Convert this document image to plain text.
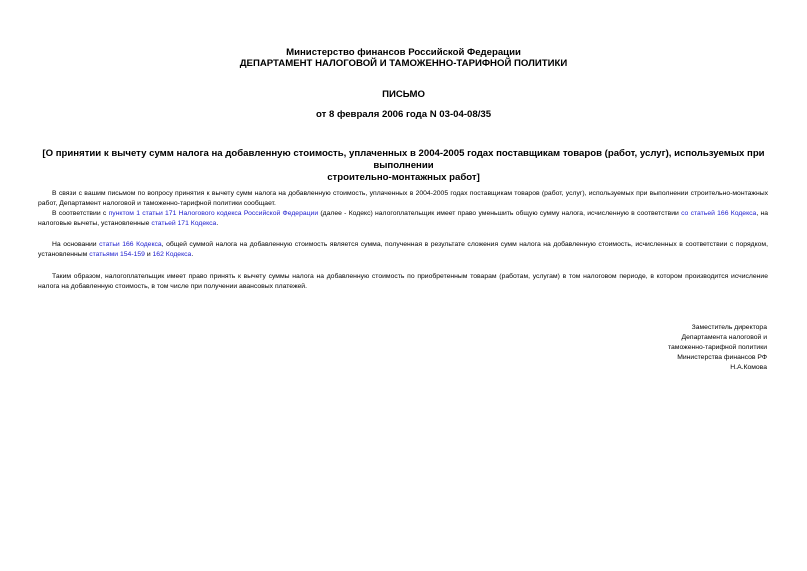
Министерство финансов Российской Федерации
ДЕПАРТАМЕНТ НАЛОГОВОЙ И ТАМОЖЕННО-ТАРИФНОЙ ПОЛИТИКИ
ПИСЬМО
от 8 февраля 2006 года N 03-04-08/35
[О принятии к вычету сумм налога на добавленную стоимость, уплаченных в 2004-2005 годах поставщикам товаров (работ, услуг), используемых при выполнении
строительно-монтажных работ]
В связи с вашим письмом по вопросу принятия к вычету сумм налога на добавленную стоимость, уплаченных в 2004-2005 годах поставщикам товаров (работ, услуг), используемых при выполнении строительно-монтажных работ, Департамент налоговой и таможенно-тарифной политики сообщает.
В соответствии с пунктом 1 статьи 171 Налогового кодекса Российской Федерации (далее - Кодекс) налогоплательщик имеет право уменьшить общую сумму налога, исчисленную в соответствии со статьей 166 Кодекса, на налоговые вычеты, установленные статьей 171 Кодекса.
На основании статьи 166 Кодекса, общей суммой налога на добавленную стоимость является сумма, полученная в результате сложения сумм налога на добавленную стоимость, исчисленных в соответствии с порядком, установленным статьями 154-159 и 162 Кодекса.
Таким образом, налогоплательщик имеет право принять к вычету суммы налога на добавленную стоимость по приобретенным товарам (работам, услугам) в том налоговом периоде, в котором производится исчисление налога на добавленную стоимость, в том числе при получении авансовых платежей.
Заместитель директора
Департамента налоговой и
таможенно-тарифной политики
Министерства финансов РФ
Н.А.Комова
